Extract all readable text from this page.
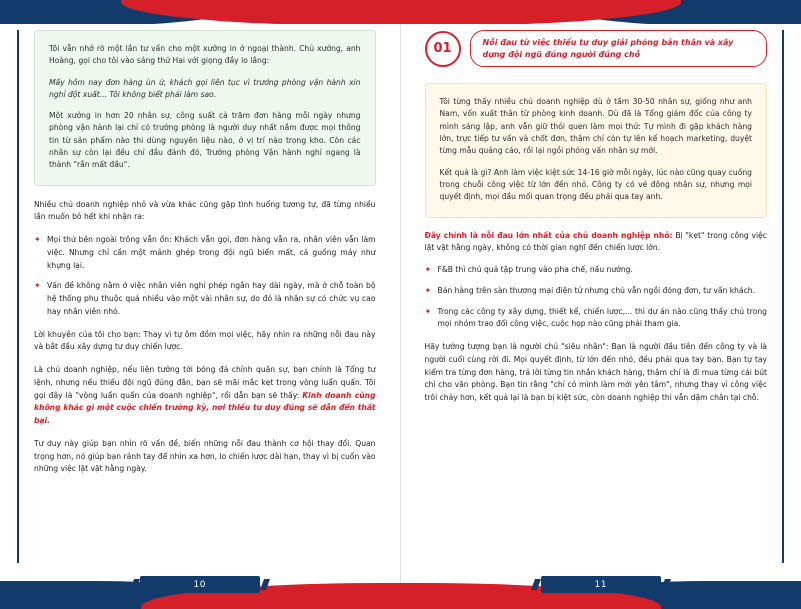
Tôi vẫn nhớ rõ một lần tư vấn cho một xưởng in ở ngoại thành. Chủ xưởng, anh Hoàng, gọi cho tôi vào sáng thứ Hai với giọng đầy lo lắng:

Mấy hôm nay đơn hàng ùn ứ, khách gọi liên tục vì trưởng phòng vận hành xin nghỉ đột xuất... Tôi không biết phải làm sao.

Một xưởng in hơn 20 nhân sự, công suất cả trăm đơn hàng mỗi ngày nhưng phòng vận hành lại chỉ có trưởng phòng là người duy nhất nắm được mọi thông tin từ sản phẩm nào thi dùng nguyên liệu nào, ở vị trí nào trong kho. Còn các nhân sự còn lại đều chỉ đầu đánh đó, Trưởng phòng Vận hành nghỉ ngang là thành "rắn mất đầu".

Nhiều chủ doanh nghiệp nhỏ và vừa khác cũng gặp tình huống tương tự, đã từng nhiều lần muốn bỏ hết khi nhận ra:

✦ Mọi thứ bên ngoài trông vẫn ổn: Khách vẫn gọi, đơn hàng vẫn ra, nhân viên vẫn làm việc. Nhưng chỉ cần một mảnh ghép trong đội ngũ biến mất, cả guồng máy như khựng lại.
✦ Vấn đề không nằm ở việc nhân viên nghỉ phép ngắn hay dài ngày, mà ở chỗ toàn bộ hệ thống phụ thuộc quá nhiều vào một vài nhân sự, do đó là nhân sự có chức vụ cao hay nhân viên nhỏ.

Lời khuyên của tôi cho bạn: Thay vì tự ôm đồm mọi việc, hãy nhìn ra những nỗi đau này và bắt đầu xây dựng tư duy chiến lược.

Là chủ doanh nghiệp, nếu liên tưởng tới bóng đá chính quân sự, bạn chính là Tổng tư lệnh, nhưng nếu thiếu đội ngũ đúng đắn, bạn sẽ mãi mắc kẹt trong vòng luẩn quẩn. Tôi gọi đây là "vòng luẩn quẩn của doanh nghiệp", rồi dẫn bạn sẽ thấy: Kinh doanh cùng không khác gì một cuộc chiến trường kỳ, nơi thiếu tư duy đúng sẽ dẫn đến thất bại.

Tư duy này giúp bạn nhìn rõ vấn đề, biến những nỗi đau thành cơ hội thay đổi. Quan trọng hơn, nó giúp bạn rảnh tay để nhìn xa hơn, lo chiến lược dài hạn, thay vì bị cuốn vào những việc lặt vặt hằng ngày.

10
01	Nỗi đau từ việc thiếu tư duy giải phóng bản thân và xây dựng đội ngũ đúng người đúng chỗ

Tôi từng thấy nhiều chủ doanh nghiệp dù ở tầm 30-50 nhân sự, giống như anh Nam, vốn xuất thân từ phòng kinh doanh. Dù đã là Tổng giám đốc của công ty mình sáng lập, anh vẫn giữ thói quen làm mọi thứ: Tự mình đi gặp khách hàng lớn, trực tiếp tư vấn và chốt đơn, thậm chí còn tự lên kế hoạch marketing, duyệt từng mẫu quảng cáo, rồi lại ngồi phỏng vấn nhân sự mới.

Kết quả là gì? Anh làm việc kiệt sức 14-16 giờ mỗi ngày, lúc nào cũng quay cuồng trong chuỗi công việc từ lớn đến nhỏ. Công ty có vẻ đông nhân sự, nhưng mọi quyết định, mọi đầu mối quan trọng đều phải qua tay anh.

Đây chính là nỗi đau lớn nhất của chủ doanh nghiệp nhỏ: Bị "kẹt" trong công việc lặt vặt hằng ngày, không có thời gian nghĩ đến chiến lược lớn.

✦ F&B thì chủ quả tập trung vào pha chế, nấu nướng.
✦ Bán hàng trên sàn thương mại điện tử nhưng chủ vẫn ngồi đóng đơn, tư vấn khách.
✦ Trong các công ty xây dựng, thiết kế, chiến lược,... thì dự án nào cũng thấy chủ trong mọi nhóm trao đổi công việc, cuộc họp nào cũng phải tham gia.

Hãy tưởng tượng bạn là người chủ "siêu nhân": Bạn là người đầu tiên đến công ty và là người cuối cùng rời đi. Mọi quyết định, từ lớn đến nhỏ, đều phải qua tay bạn. Bạn tự tay kiểm tra từng đơn hàng, trả lời từng tin nhắn khách hàng, thậm chí là đi mua từng cái bút chì cho văn phòng. Bạn tin rằng "chỉ có mình làm mới yên tâm", nhưng thay vì công việc trôi chảy hơn, kết quả lại là bạn bị kiệt sức, còn doanh nghiệp thì vẫn dậm chân tại chỗ.

11
